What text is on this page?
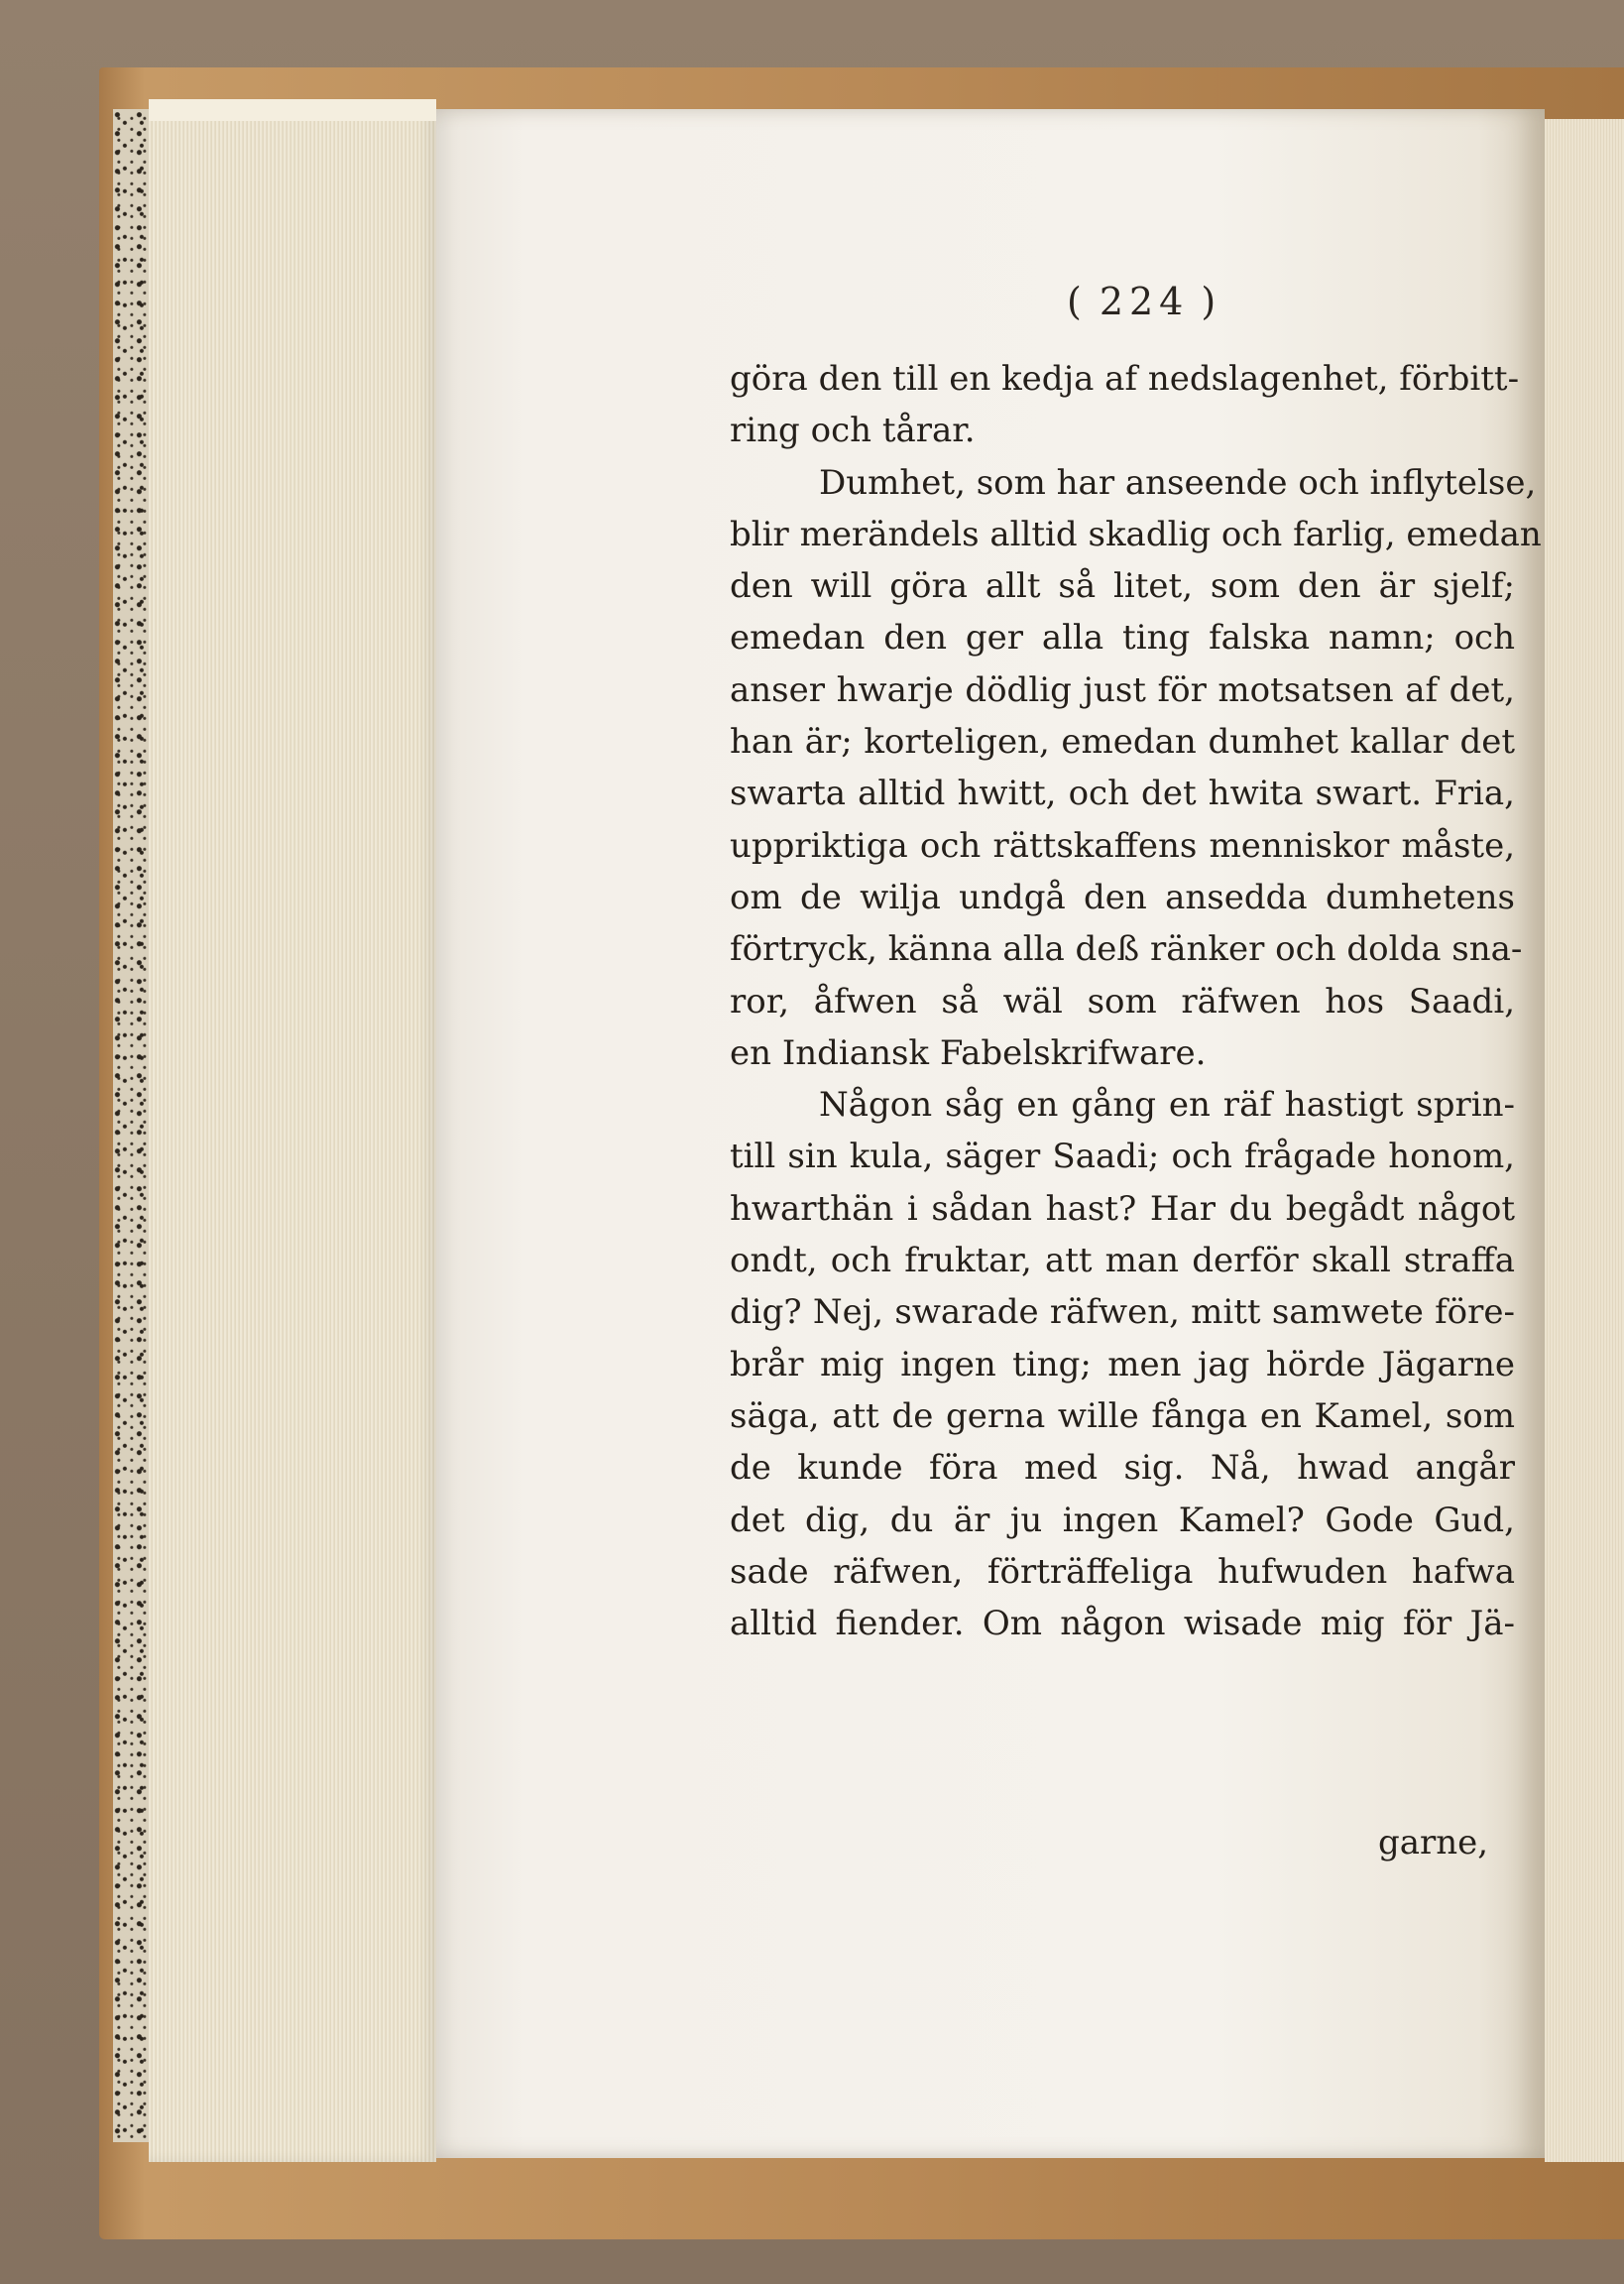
( 224 )
göra den till en kedja af nedslagenhet, förbitt-
ring och tårar.
Dumhet, som har anseende och inflytelse,
blir merändels alltid skadlig och farlig, emedan
den will göra allt så litet, som den är sjelf;
emedan den ger alla ting falska namn; och
anser hwarje dödlig just för motsatsen af det,
han är; korteligen, emedan dumhet kallar det
swarta alltid hwitt, och det hwita swart. Fria,
uppriktiga och rättskaffens menniskor måste,
om de wilja undgå den ansedda dumhetens
förtryck, känna alla deß ränker och dolda sna-
ror, åfwen så wäl som räfwen hos Saadi,
en Indiansk Fabelskrifware.
Någon såg en gång en räf hastigt sprin-
till sin kula, säger Saadi; och frågade honom,
hwarthän i sådan hast? Har du begådt något
ondt, och fruktar, att man derför skall straffa
dig? Nej, swarade räfwen, mitt samwete före-
brår mig ingen ting; men jag hörde Jägarne
säga, att de gerna wille fånga en Kamel, som
de kunde föra med sig. Nå, hwad angår
det dig, du är ju ingen Kamel? Gode Gud,
sade räfwen, förträffeliga hufwuden hafwa
alltid fiender. Om någon wisade mig för Jä-
garne,
